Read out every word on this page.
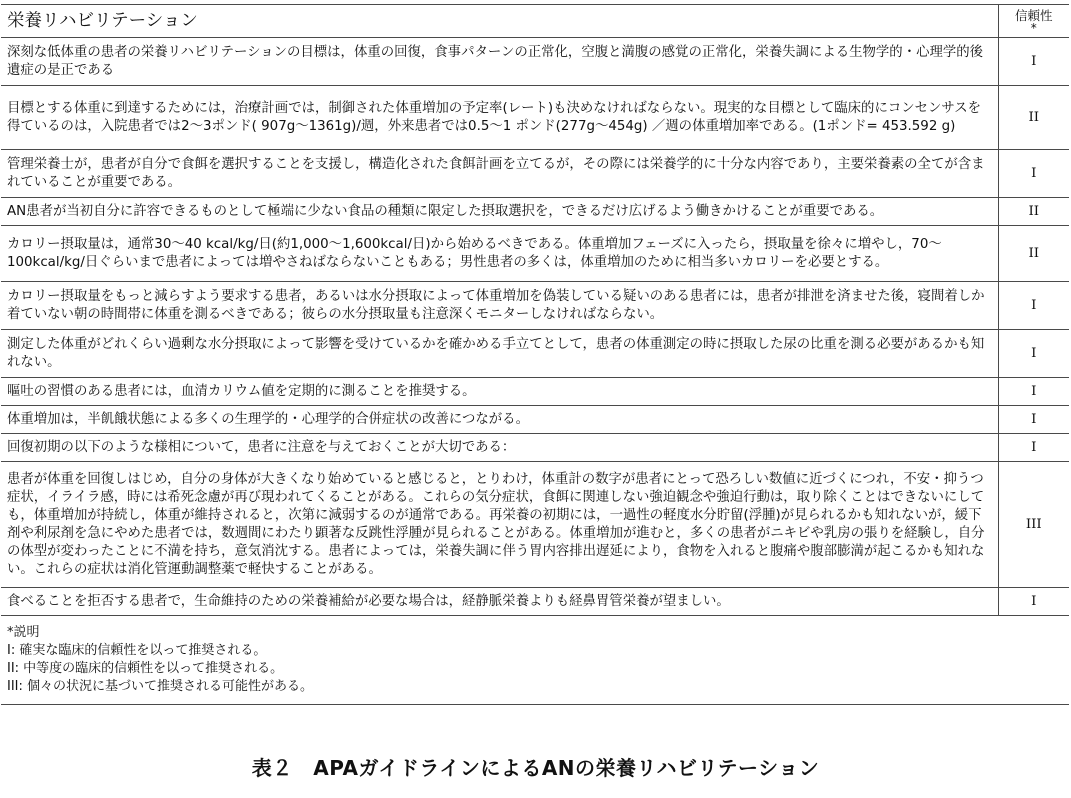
栄養リハビリテーション	信頼性
*

深刻な低体重の患者の栄養リハビリテーションの目標は，体重の回復，食事パターンの正常化，空腹と満腹の感覚の正常化，栄養失調による生物学的・心理学的後遺症の是正である	I
目標とする体重に到達するためには，治療計画では，制御された体重増加の予定率(レート)も決めなければならない。現実的な目標として臨床的にコンセンサスを得ているのは，入院患者では2～3ポンド( 907g～1361g)/週，外来患者では0.5～1 ポンド(277g～454g) ／週の体重増加率である。(1ポンド= 453.592 g)	II
管理栄養士が，患者が自分で食餌を選択することを支援し，構造化された食餌計画を立てるが，その際には栄養学的に十分な内容であり，主要栄養素の全てが含まれていることが重要である。	I
AN患者が当初自分に許容できるものとして極端に少ない食品の種類に限定した摂取選択を，できるだけ広げるよう働きかけることが重要である。	II
カロリー摂取量は，通常30～40 kcal/kg/日(約1,000～1,600kcal/日)から始めるべきである。体重増加フェーズに入ったら，摂取量を徐々に増やし，70～100kcal/kg/日ぐらいまで患者によっては増やさねばならないこともある；男性患者の多くは，体重増加のために相当多いカロリーを必要とする。	II
カロリー摂取量をもっと減らすよう要求する患者，あるいは水分摂取によって体重増加を偽装している疑いのある患者には，患者が排泄を済ませた後，寝間着しか着ていない朝の時間帯に体重を測るべきである；彼らの水分摂取量も注意深くモニターしなければならない。	I
測定した体重がどれくらい過剰な水分摂取によって影響を受けているかを確かめる手立てとして，患者の体重測定の時に摂取した尿の比重を測る必要があるかも知れない。	I
嘔吐の習慣のある患者には，血清カリウム値を定期的に測ることを推奨する。	I
体重増加は，半飢餓状態による多くの生理学的・心理学的合併症状の改善につながる。	I
回復初期の以下のような様相について，患者に注意を与えておくことが大切である：	I
患者が体重を回復しはじめ，自分の身体が大きくなり始めていると感じると，とりわけ，体重計の数字が患者にとって恐ろしい数値に近づくにつれ，不安・抑うつ症状，イライラ感，時には希死念慮が再び現われてくることがある。これらの気分症状，食餌に関連しない強迫観念や強迫行動は，取り除くことはできないにしても，体重増加が持続し，体重が維持されると，次第に減弱するのが通常である。再栄養の初期には，一過性の軽度水分貯留(浮腫)が見られるかも知れないが，緩下剤や利尿剤を急にやめた患者では，数週間にわたり顕著な反跳性浮腫が見られることがある。体重増加が進むと，多くの患者がニキビや乳房の張りを経験し，自分の体型が変わったことに不満を持ち，意気消沈する。患者によっては，栄養失調に伴う胃内容排出遅延により，食物を入れると腹痛や腹部膨満が起こるかも知れない。これらの症状は消化管運動調整薬で軽快することがある。	III
食べることを拒否する患者で，生命維持のための栄養補給が必要な場合は，経静脈栄養よりも経鼻胃管栄養が望ましい。	I

*説明
I: 確実な臨床的信頼性を以って推奨される。
II: 中等度の臨床的信頼性を以って推奨される。
III: 個々の状況に基づいて推奨される可能性がある。	
表２　APAガイドラインによるANの栄養リハビリテーション
